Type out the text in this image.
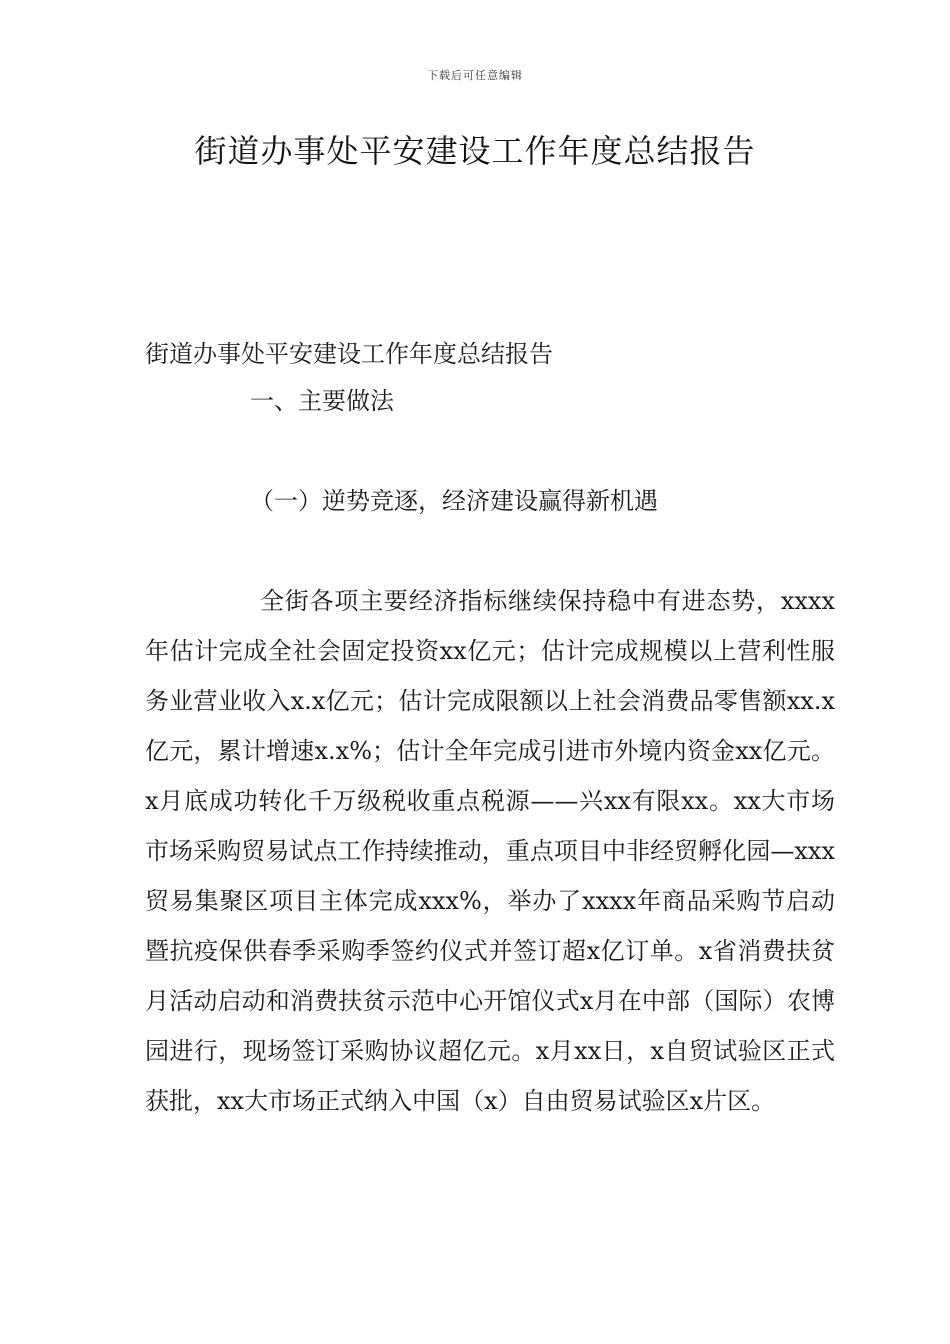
下载后可任意编辑
街道办事处平安建设工作年度总结报告
街道办事处平安建设工作年度总结报告
一、主要做法
（一）逆势竞逐，经济建设赢得新机遇

全街各项主要经济指标继续保持稳中有进态势，xxxx年估计完成全社会固定投资xx亿元；估计完成规模以上营利性服务业营业收入x.x亿元；估计完成限额以上社会消费品零售额xx.x亿元，累计增速x.x%；估计全年完成引进市外境内资金xx亿元。x月底成功转化千万级税收重点税源——兴xx有限xx。xx大市场市场采购贸易试点工作持续推动，重点项目中非经贸孵化园—xxx贸易集聚区项目主体完成xxx%，举办了xxxx年商品采购节启动暨抗疫保供春季采购季签约仪式并签订超x亿订单。x省消费扶贫月活动启动和消费扶贫示范中心开馆仪式x月在中部（国际）农博园进行，现场签订采购协议超亿元。x月xx日，x自贸试验区正式获批，xx大市场正式纳入中国（x）自由贸易试验区x片区。
